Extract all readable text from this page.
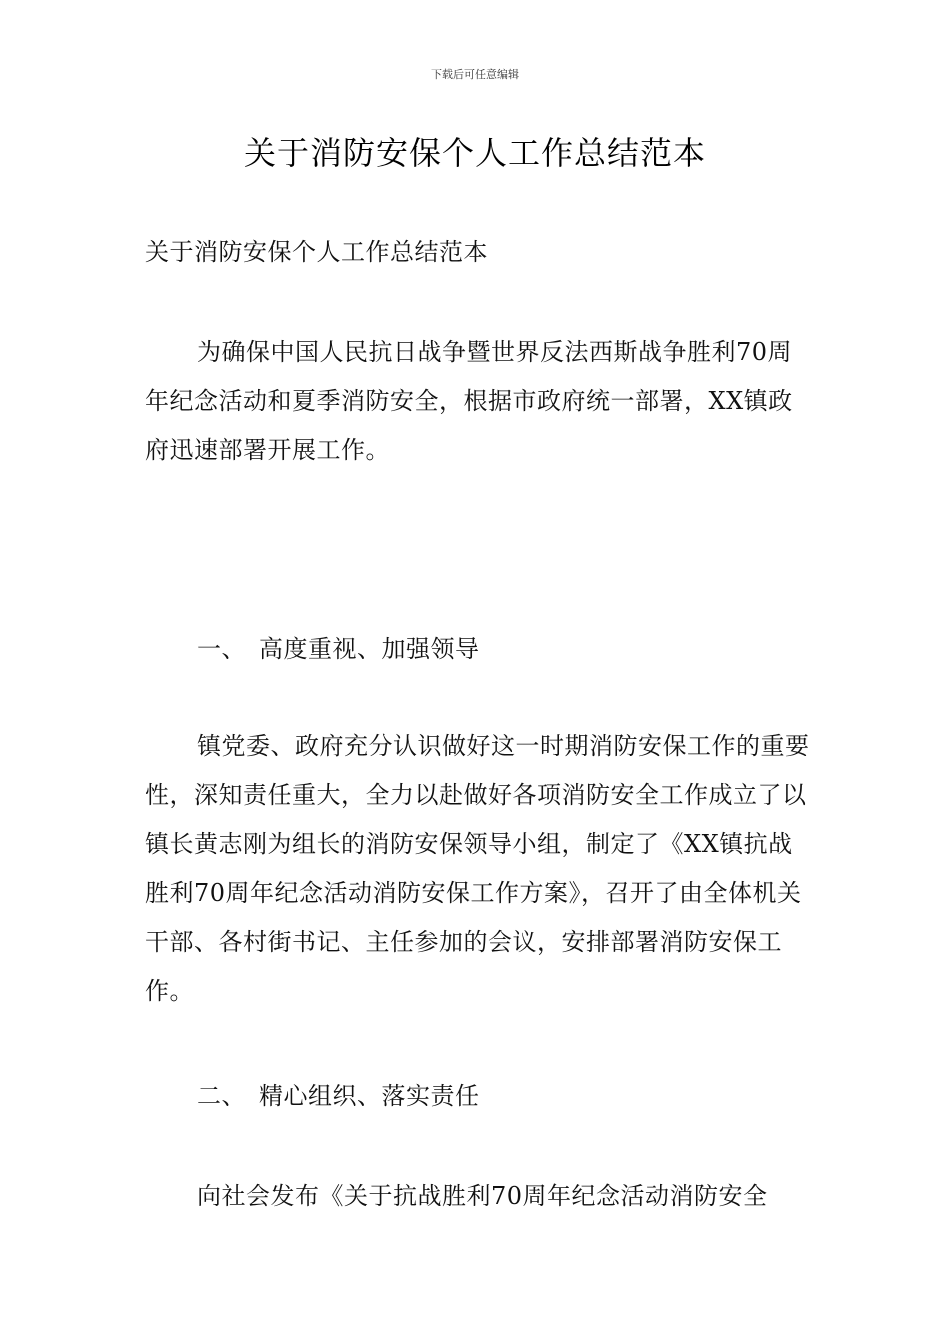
下载后可任意编辑
关于消防安保个人工作总结范本
关于消防安保个人工作总结范本
为确保中国人民抗日战争暨世界反法西斯战争胜利70周年纪念活动和夏季消防安全，根据市政府统一部署，XX镇政府迅速部署开展工作。
一、 高度重视、加强领导
镇党委、政府充分认识做好这一时期消防安保工作的重要性，深知责任重大，全力以赴做好各项消防安全工作成立了以镇长黄志刚为组长的消防安保领导小组，制定了《XX镇抗战胜利70周年纪念活动消防安保工作方案》，召开了由全体机关干部、各村街书记、主任参加的会议，安排部署消防安保工作。
二、 精心组织、落实责任
向社会发布《关于抗战胜利70周年纪念活动消防安全
